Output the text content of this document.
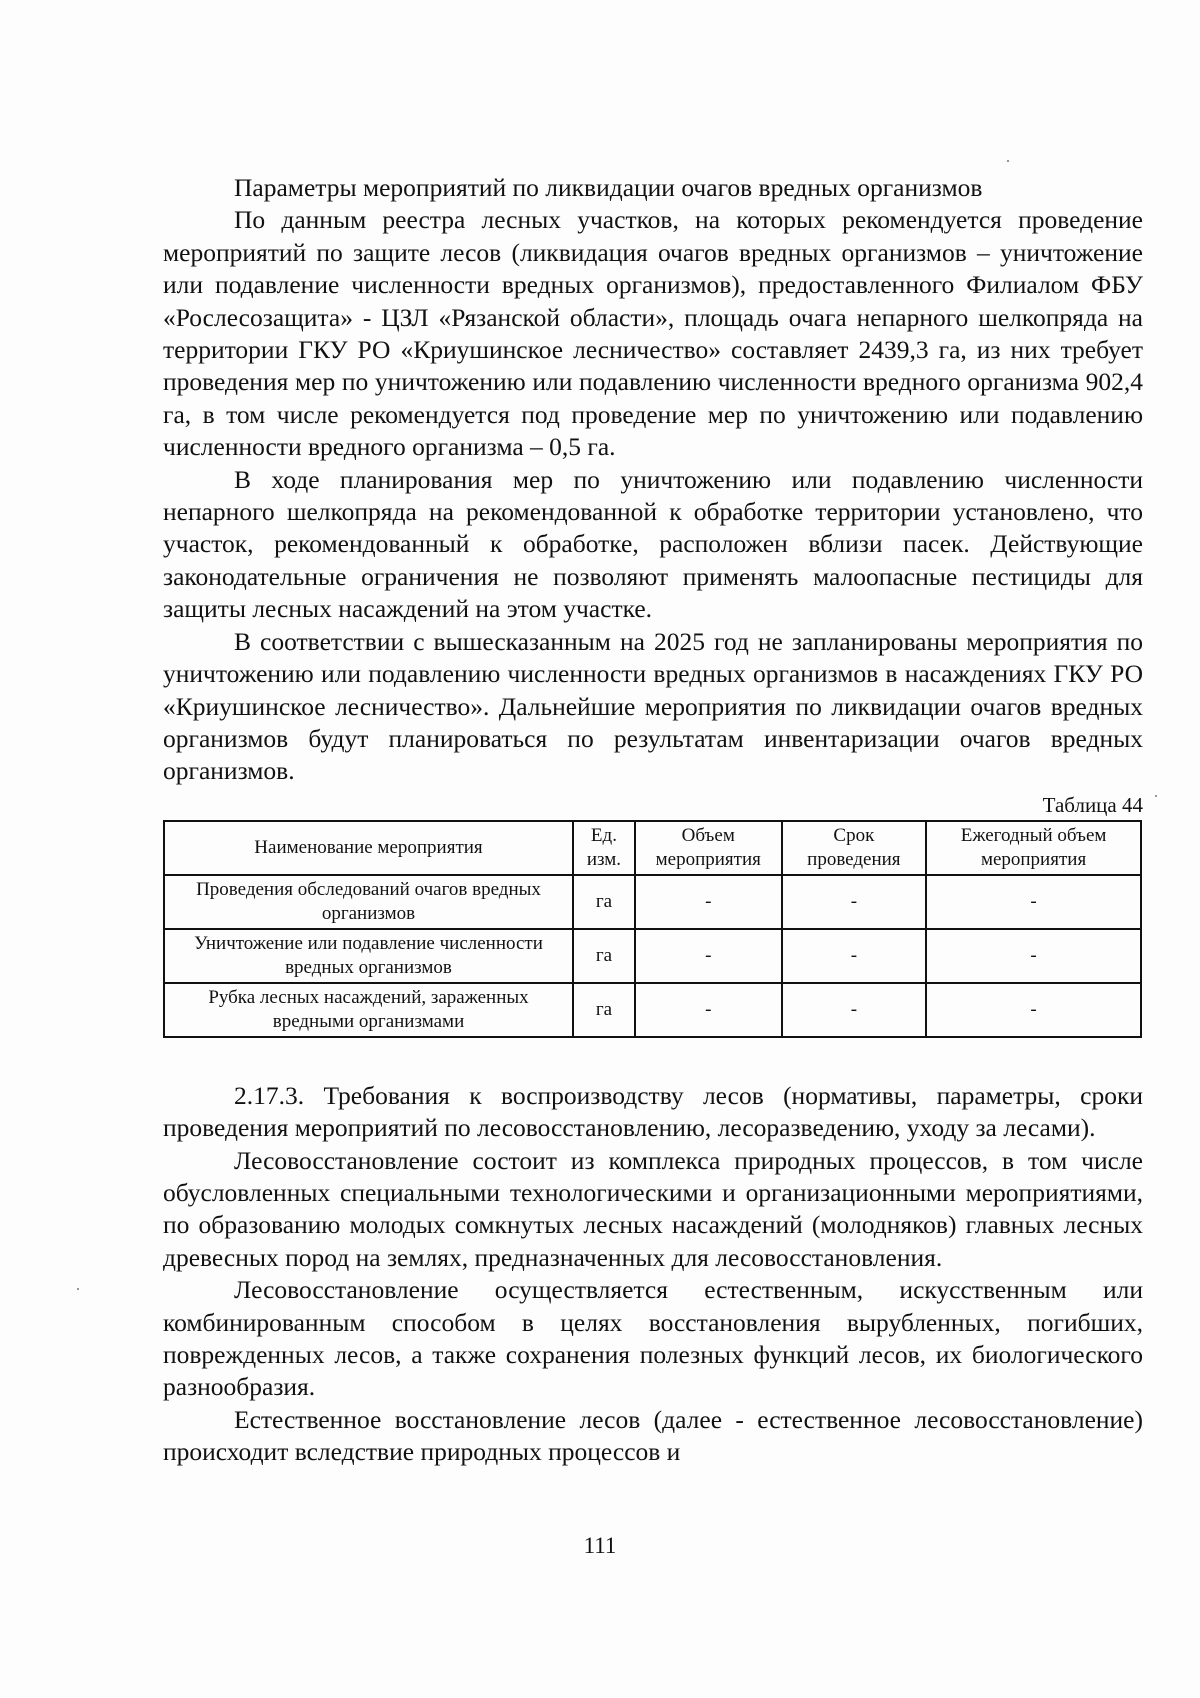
Параметры мероприятий по ликвидации очагов вредных организмов

По данным реестра лесных участков, на которых рекомендуется проведение мероприятий по защите лесов (ликвидация очагов вредных организмов – уничтожение или подавление численности вредных организмов), предоставленного Филиалом ФБУ «Рослесозащита» - ЦЗЛ «Рязанской области», площадь очага непарного шелкопряда на территории ГКУ РО «Криушинское лесничество» составляет 2439,3 га, из них требует проведения мер по уничтожению или подавлению численности вредного организма 902,4 га, в том числе рекомендуется под проведение мер по уничтожению или подавлению численности вредного организма – 0,5 га.

В ходе планирования мер по уничтожению или подавлению численности непарного шелкопряда на рекомендованной к обработке территории установлено, что участок, рекомендованный к обработке, расположен вблизи пасек. Действующие законодательные ограничения не позволяют применять малоопасные пестициды для защиты лесных насаждений на этом участке.

В соответствии с вышесказанным на 2025 год не запланированы мероприятия по уничтожению или подавлению численности вредных организмов в насаждениях ГКУ РО «Криушинское лесничество». Дальнейшие мероприятия по ликвидации очагов вредных организмов будут планироваться по результатам инвентаризации очагов вредных организмов.

Таблица 44
Наименование мероприятия	Ед. изм.	Объем мероприятия	Срок проведения	Ежегодный объем мероприятия
Проведения обследований очагов вредных организмов	га	-	-	-
Уничтожение или подавление численности вредных организмов	га	-	-	-
Рубка лесных насаждений, зараженных вредными организмами	га	-	-	-

2.17.3. Требования к воспроизводству лесов (нормативы, параметры, сроки проведения мероприятий по лесовосстановлению, лесоразведению, уходу за лесами).

Лесовосстановление состоит из комплекса природных процессов, в том числе обусловленных специальными технологическими и организационными мероприятиями, по образованию молодых сомкнутых лесных насаждений (молодняков) главных лесных древесных пород на землях, предназначенных для лесовосстановления.

Лесовосстановление осуществляется естественным, искусственным или комбинированным способом в целях восстановления вырубленных, погибших, поврежденных лесов, а также сохранения полезных функций лесов, их биологического разнообразия.

Естественное восстановление лесов (далее - естественное лесовосстановление) происходит вследствие природных процессов и

111
